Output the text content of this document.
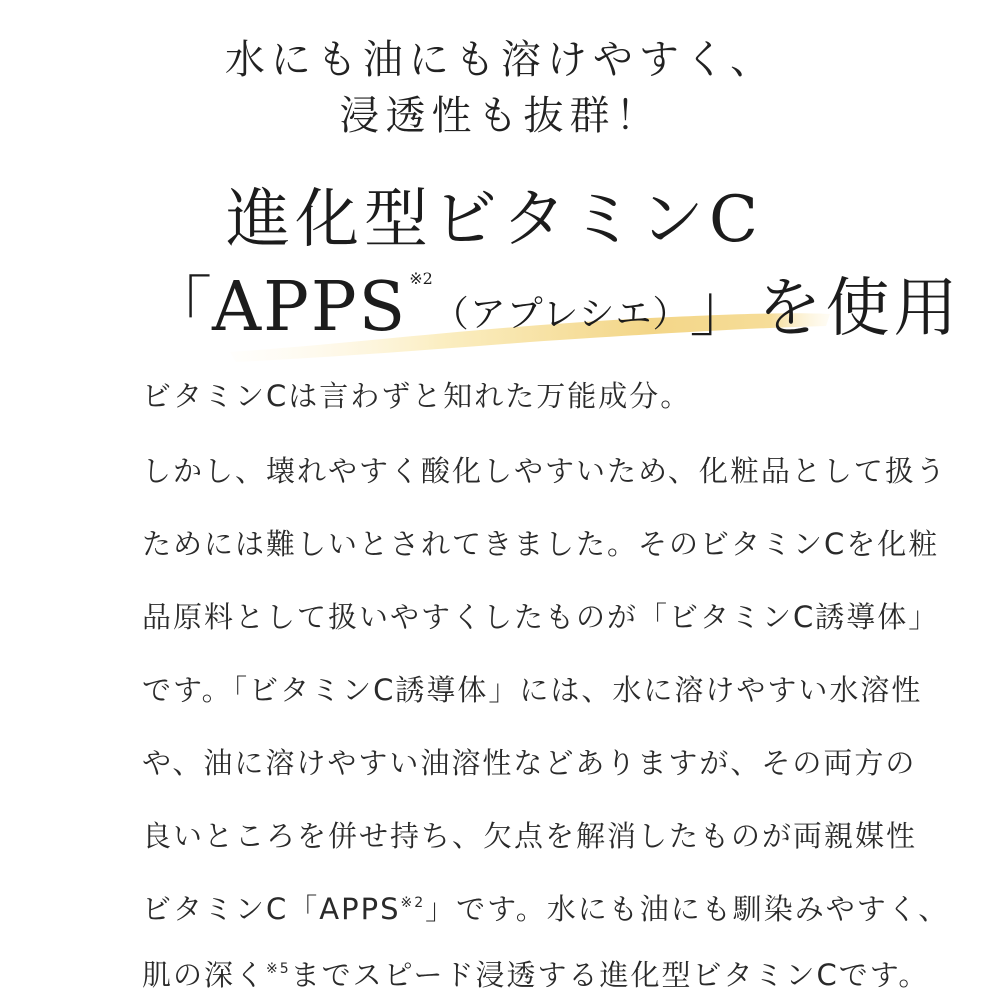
水にも油にも溶けやすく、
浸透性も抜群！
進化型ビタミンC
「 APPS ※2
（アプレシエ） 」を使用
ビタミンCは言わずと知れた万能成分。
しかし、壊れやすく酸化しやすいため、化粧品として扱う
ためには難しいとされてきました。そのビタミンCを化粧
品原料として扱いやすくしたものが「ビタミンC誘導体」
です。「ビタミンC誘導体」には、水に溶けやすい水溶性
や、油に溶けやすい油溶性などありますが、その両方の
良いところを併せ持ち、欠点を解消したものが両親媒性
ビタミンC「APPS$^{※2}$」です。水にも油にも馴染みやすく、
肌の深く$^{※5}$までスピード浸透する進化型ビタミンCです。
